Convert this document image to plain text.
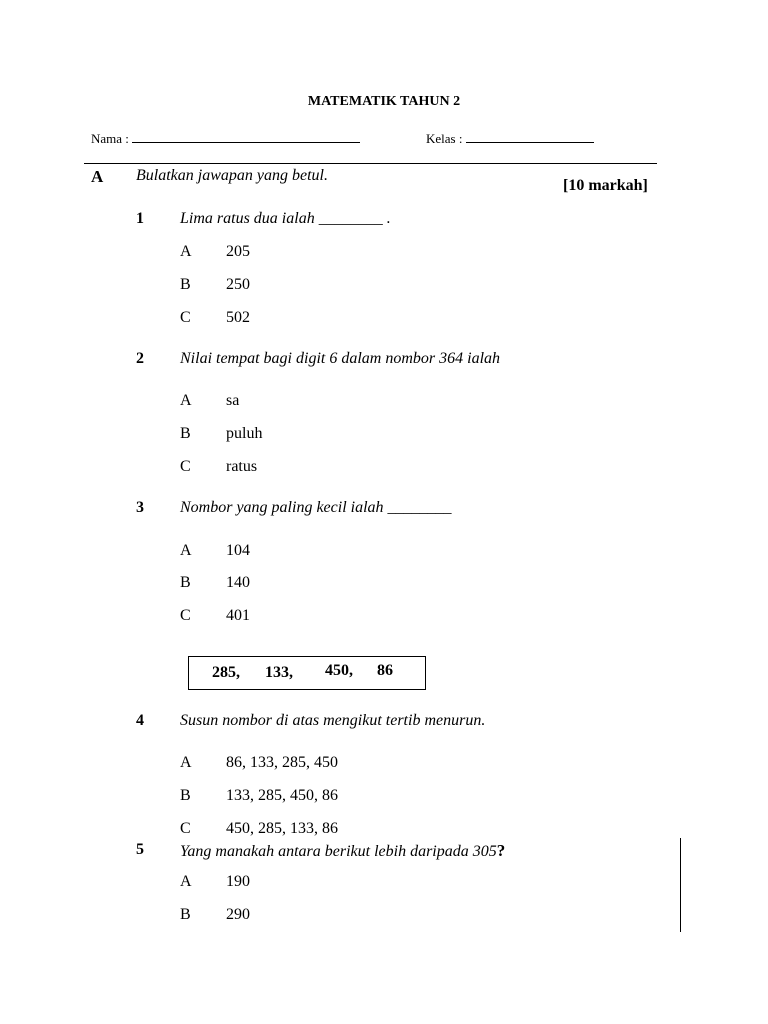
MATEMATIK TAHUN 2
Nama :	Kelas :
A Bulatkan jawapan yang betul.
[10 markah]
1 Lima ratus dua ialah ________ .
A 205
B 250
C 502
2 Nilai tempat bagi digit 6 dalam nombor 364 ialah
A sa
B puluh
C ratus
3 Nombor yang paling kecil ialah ________
A 104
B 140
C 401
285, 133, 450, 86
4 Susun nombor di atas mengikut tertib menurun.
A 86, 133, 285, 450
B 133, 285, 450, 86
C 450, 285, 133, 86
5 Yang manakah antara berikut lebih daripada 305?
A 190
B 290
